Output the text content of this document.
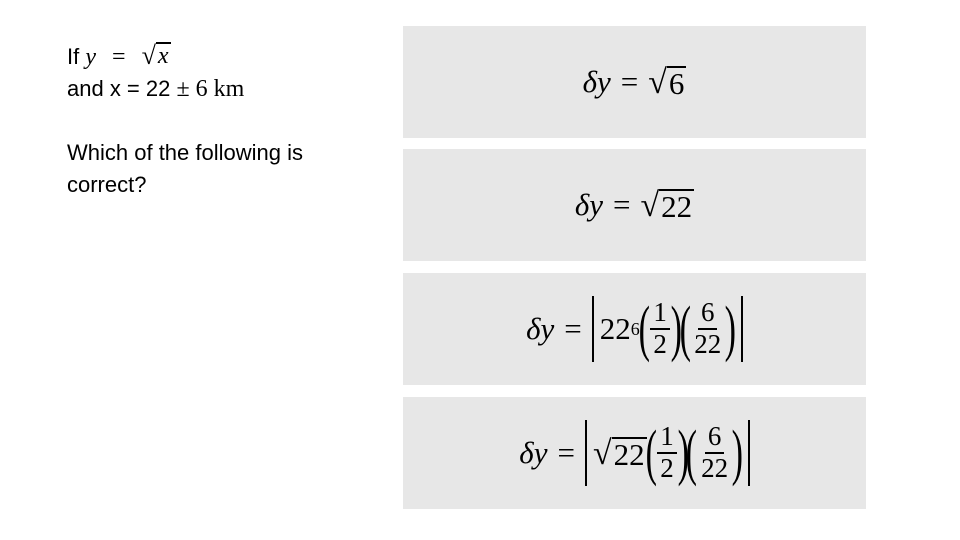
If y = √ x
and x = 22 ± 6 km
Which of the following is correct?
δ y = √ 6
δ y = √ 22
δ y = 22 6
(
$\frac{1}{2}$
)
(
$\frac{6}{22}$
)
δ y = √ 22 (
$\frac{1}{2}$
)
(
$\frac{6}{22}$
)
